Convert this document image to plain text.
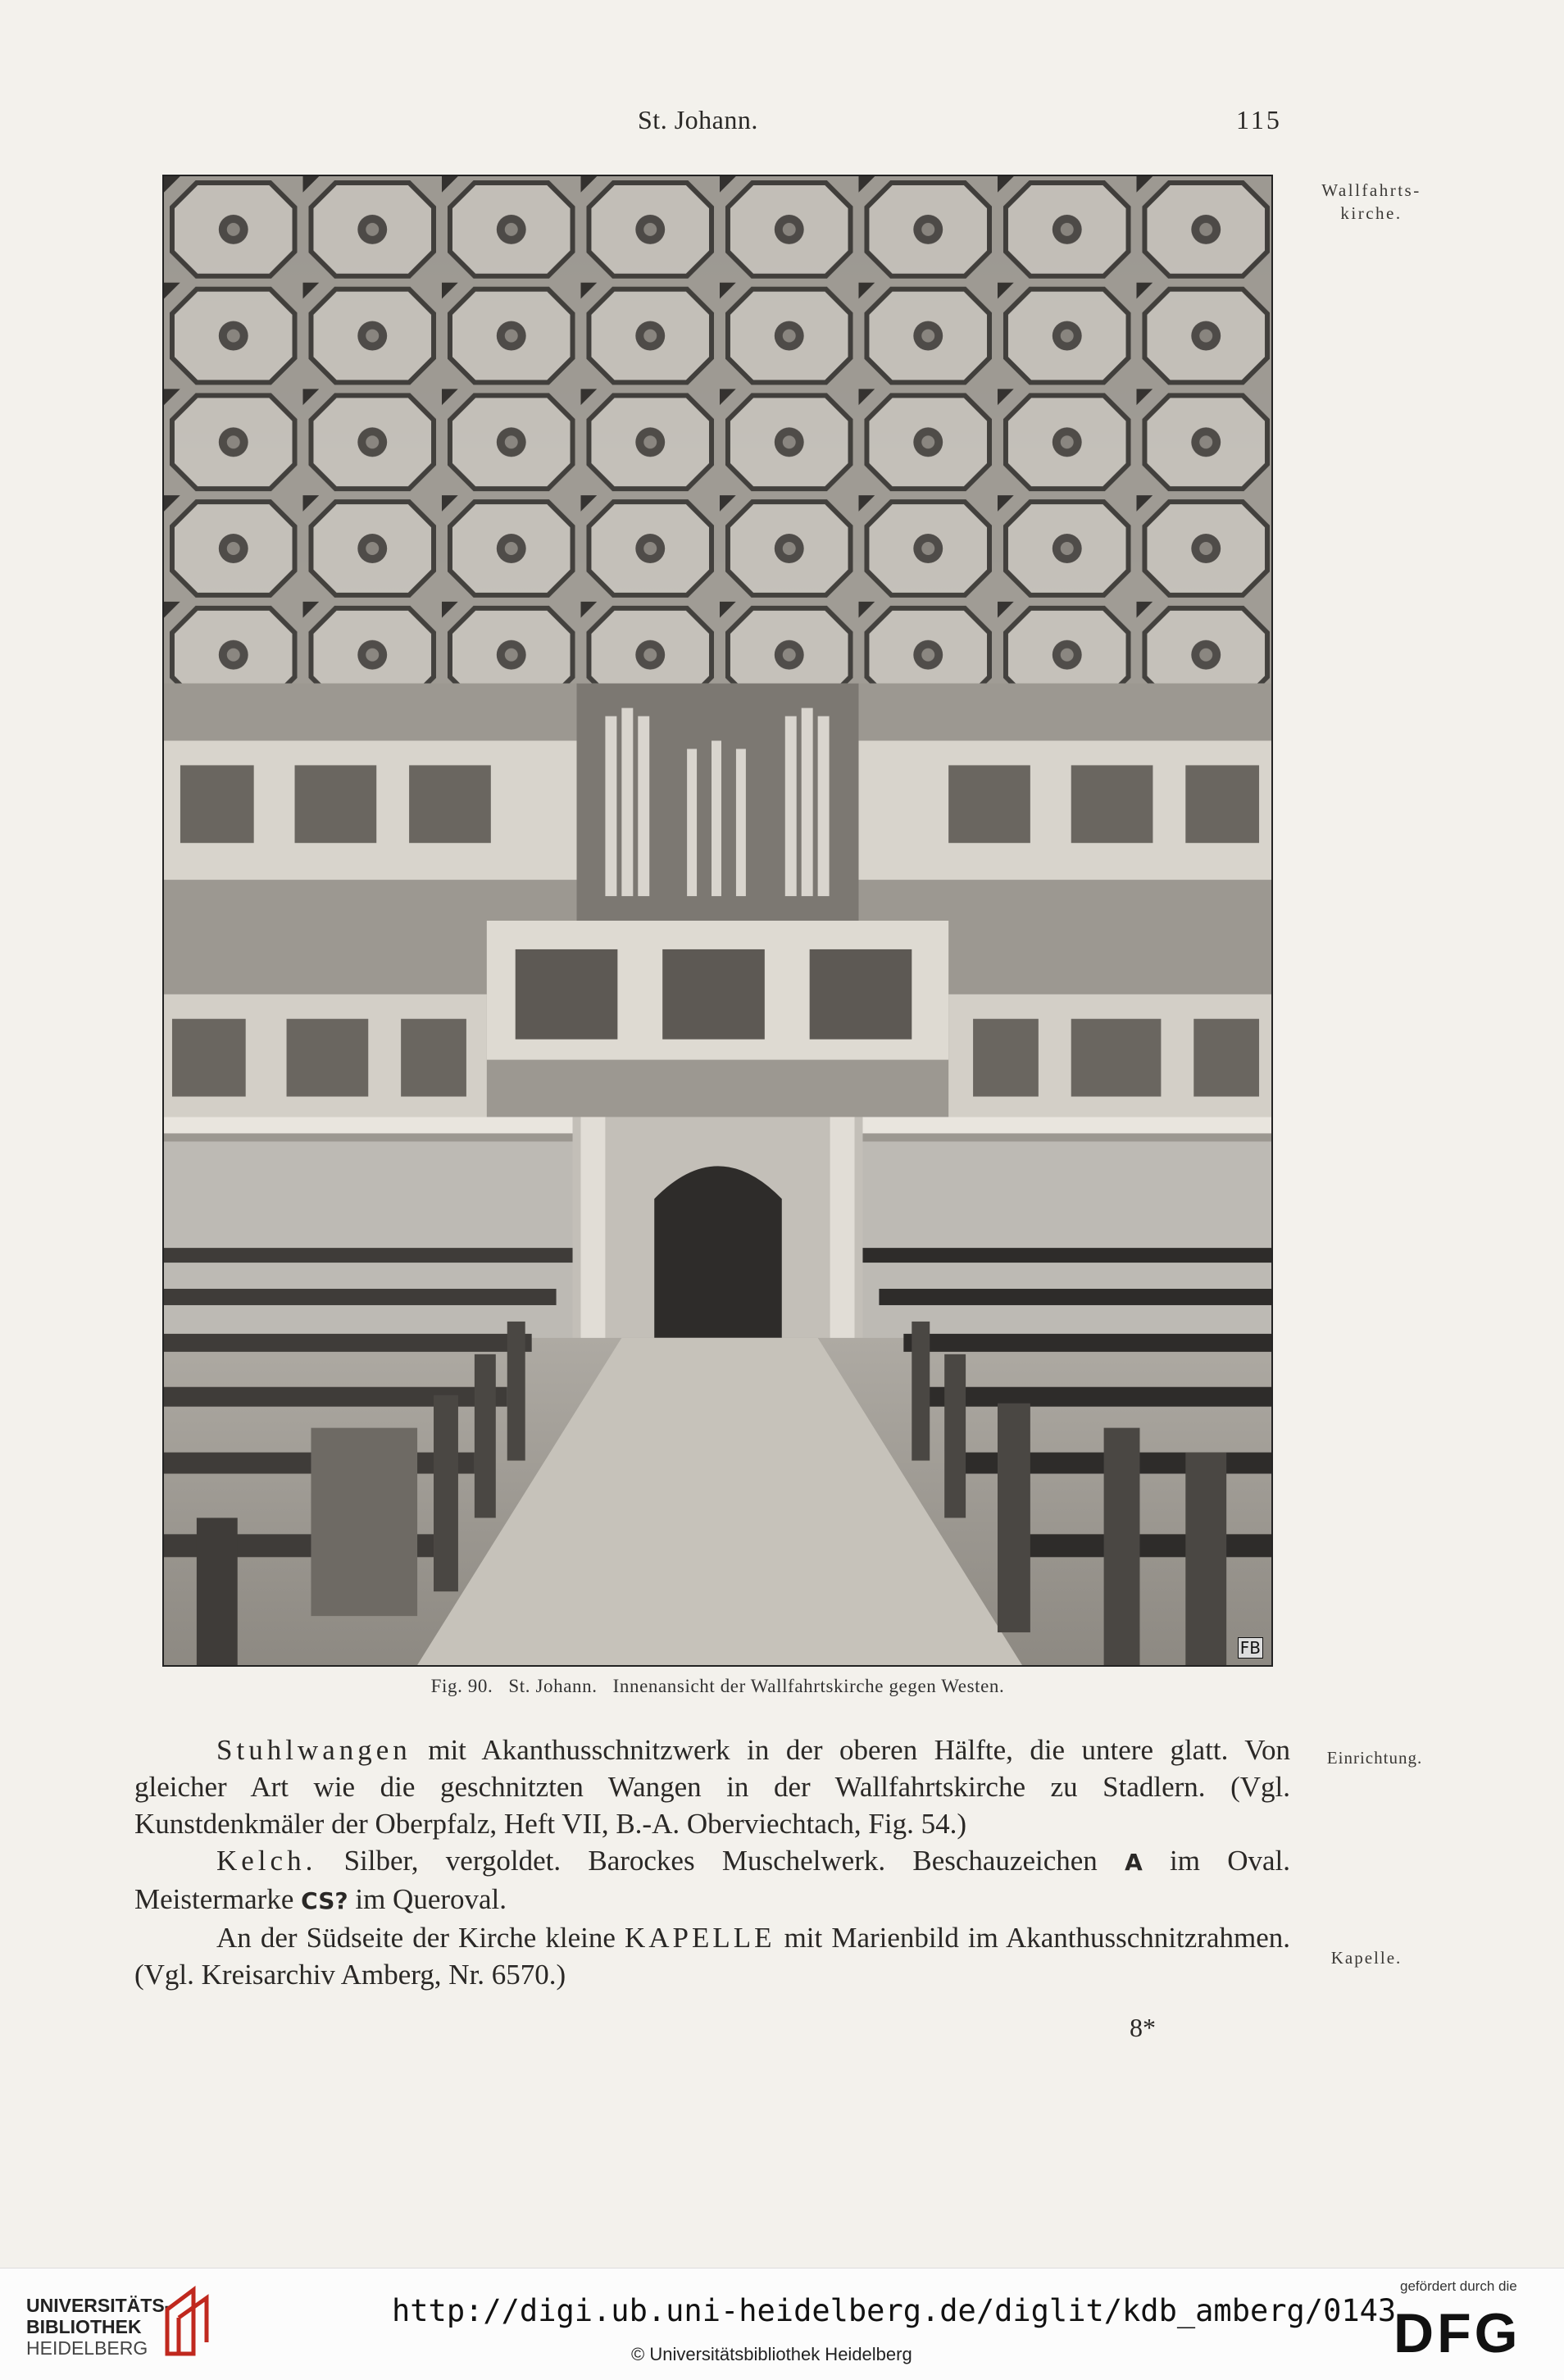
St. Johann.	115
Wallfahrts-
kirche.
FB
Fig. 90.   St. Johann.   Innenansicht der Wallfahrtskirche gegen Westen.
Einrichtung.
Kapelle.

Stuhlwangen mit Akanthusschnitzwerk in der oberen Hälfte, die untere glatt. Von gleicher Art wie die geschnitzten Wangen in der Wallfahrtskirche zu Stadlern. (Vgl. Kunstdenkmäler der Oberpfalz, Heft VII, B.-A. Oberviechtach, Fig. 54.)

Kelch. Silber, vergoldet. Barockes Muschelwerk. Beschauzeichen A im Oval. Meistermarke CS? im Queroval.

An der Südseite der Kirche kleine KAPELLE mit Marienbild im Akanthusschnitzrahmen. (Vgl. Kreisarchiv Amberg, Nr. 6570.)

8*
UNIVERSITÄTS-
BIBLIOTHEK
HEIDELBERG
http://digi.ub.uni-heidelberg.de/diglit/kdb_amberg/0143
© Universitätsbibliothek Heidelberg
gefördert durch die
DFG
